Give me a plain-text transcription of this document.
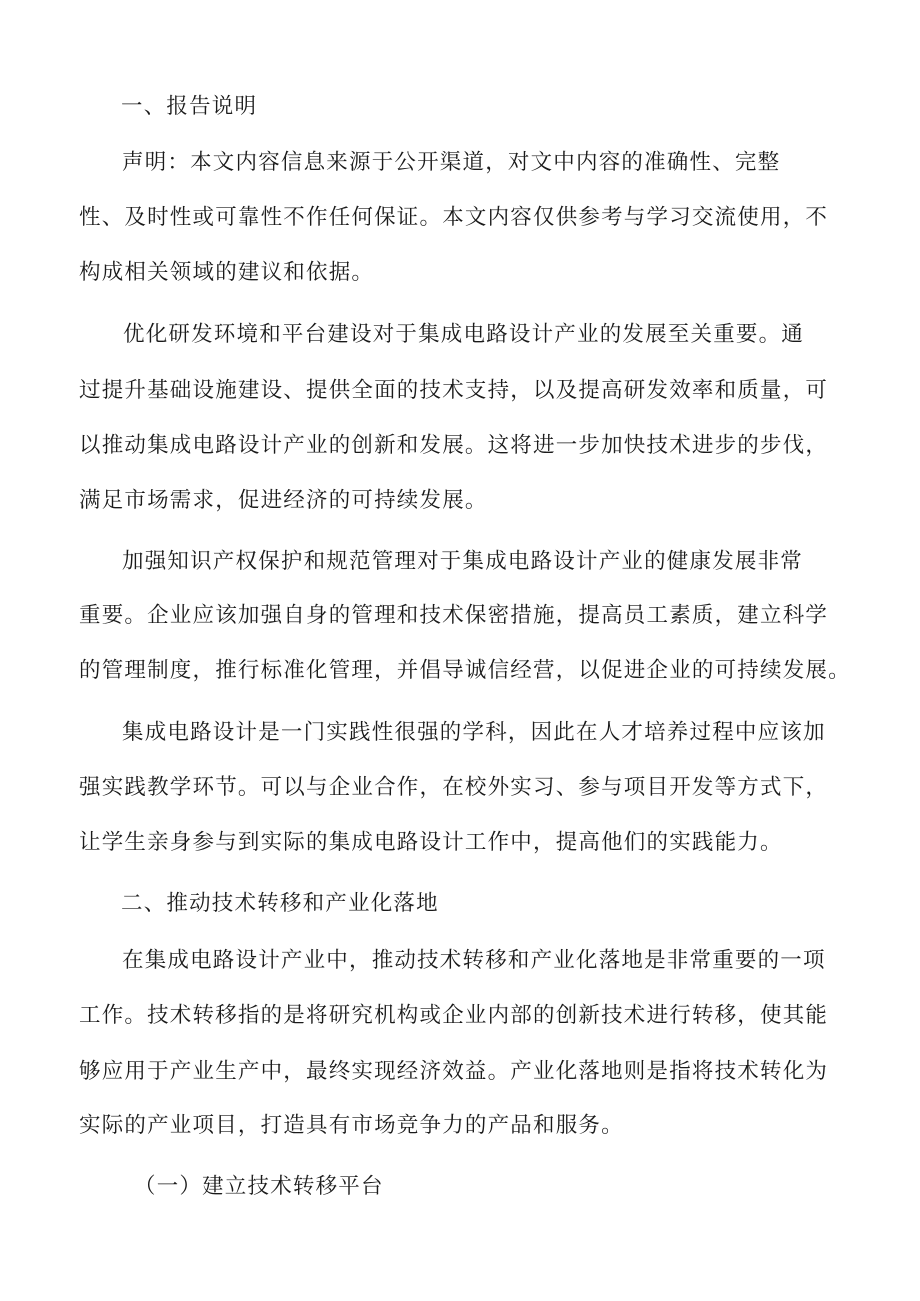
一、报告说明
声明：本文内容信息来源于公开渠道，对文中内容的准确性、完整
性、及时性或可靠性不作任何保证。本文内容仅供参考与学习交流使用，不
构成相关领域的建议和依据。
优化研发环境和平台建设对于集成电路设计产业的发展至关重要。通
过提升基础设施建设、提供全面的技术支持，以及提高研发效率和质量，可
以推动集成电路设计产业的创新和发展。这将进一步加快技术进步的步伐，
满足市场需求，促进经济的可持续发展。
加强知识产权保护和规范管理对于集成电路设计产业的健康发展非常
重要。企业应该加强自身的管理和技术保密措施，提高员工素质，建立科学
的管理制度，推行标准化管理，并倡导诚信经营，以促进企业的可持续发展。
集成电路设计是一门实践性很强的学科，因此在人才培养过程中应该加
强实践教学环节。可以与企业合作，在校外实习、参与项目开发等方式下，
让学生亲身参与到实际的集成电路设计工作中，提高他们的实践能力。
二、推动技术转移和产业化落地
在集成电路设计产业中，推动技术转移和产业化落地是非常重要的一项
工作。技术转移指的是将研究机构或企业内部的创新技术进行转移，使其能
够应用于产业生产中，最终实现经济效益。产业化落地则是指将技术转化为
实际的产业项目，打造具有市场竞争力的产品和服务。
（一）建立技术转移平台
